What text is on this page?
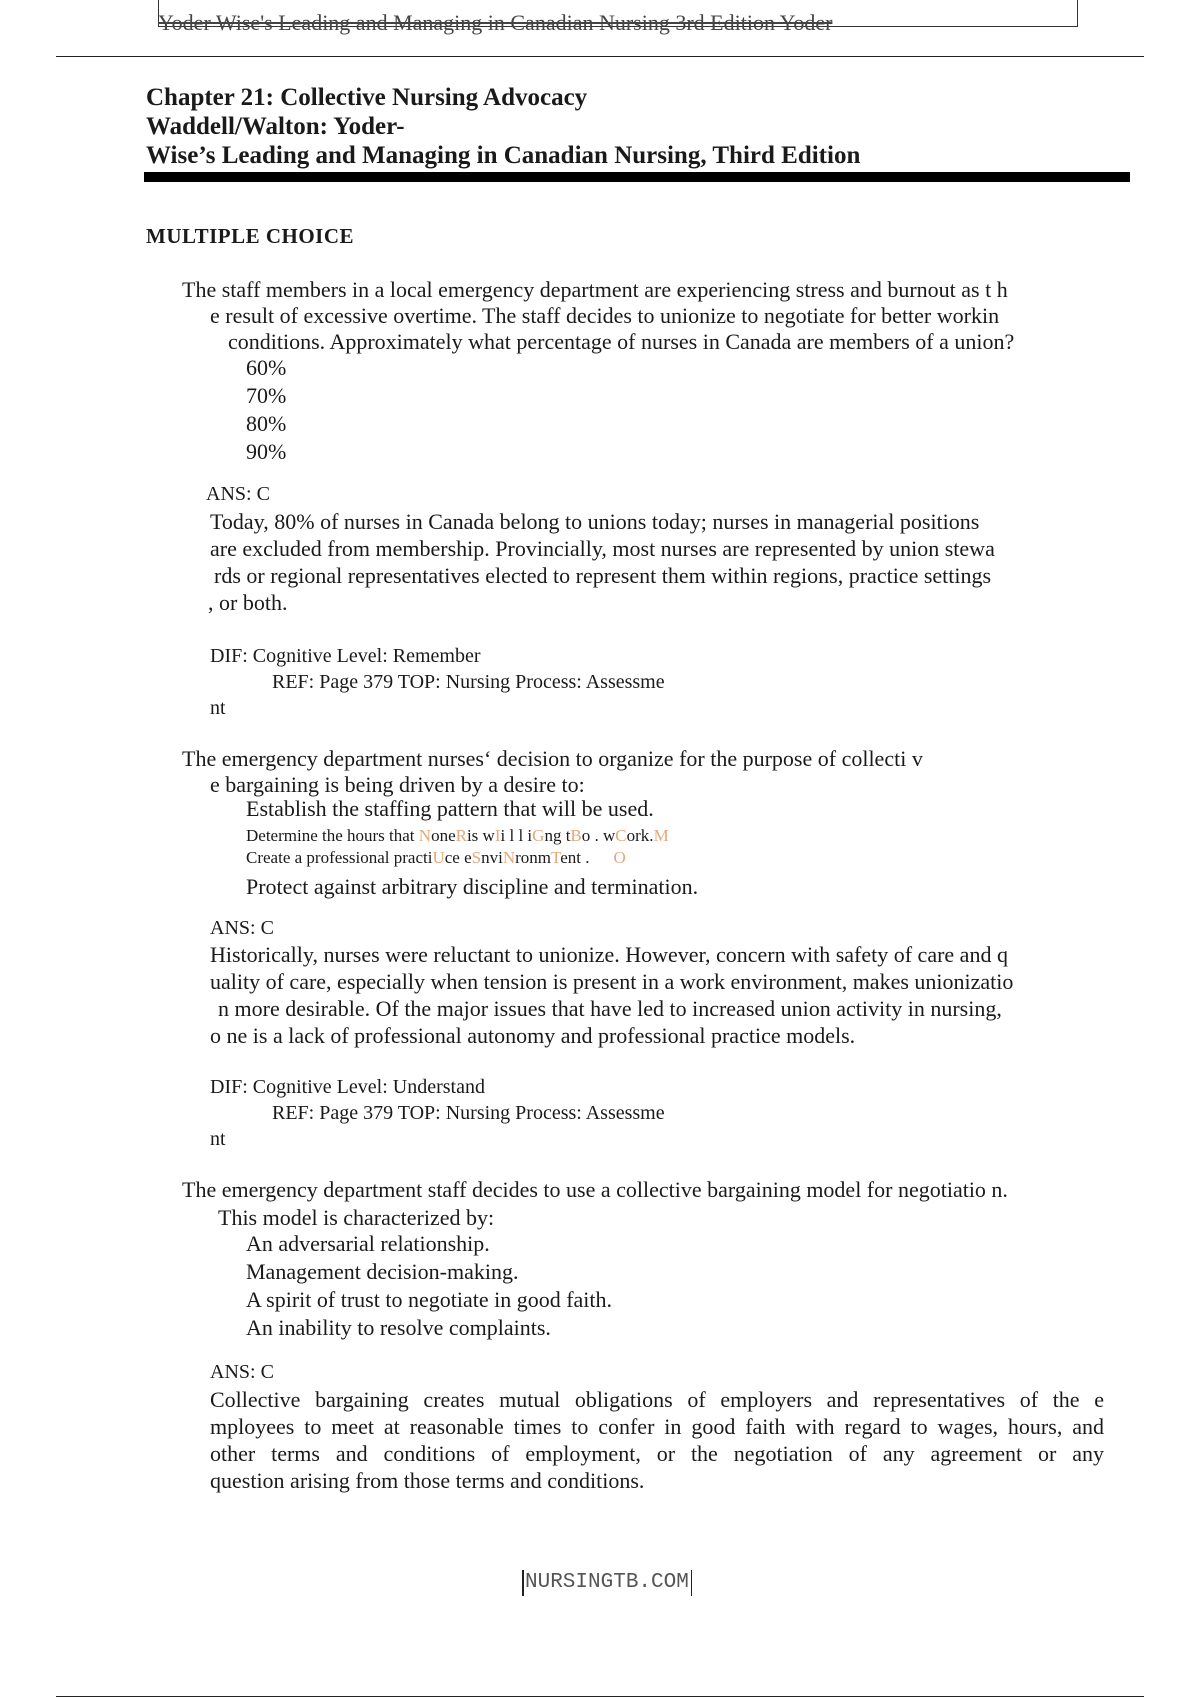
Yoder Wise's Leading and Managing in Canadian Nursing 3rd Edition Yoder
Chapter 21: Collective Nursing Advocacy
Waddell/Walton: Yoder-
Wise’s Leading and Managing in Canadian Nursing, Third Edition
MULTIPLE CHOICE
The staff members in a local emergency department are experiencing stress and burnout as t h
e result of excessive overtime. The staff decides to unionize to negotiate for better workin
conditions. Approximately what percentage of nurses in Canada are members of a union?
60%
70%
80%
90%
ANS: C
Today, 80% of nurses in Canada belong to unions today; nurses in managerial positions
are excluded from membership. Provincially, most nurses are represented by union stewa
rds or regional representatives elected to represent them within regions, practice settings
, or both.
DIF: Cognitive Level: Remember
REF: Page 379 TOP: Nursing Process: Assessme
nt
The emergency department nurses‘ decision to organize for the purpose of collecti v
e bargaining is being driven by a desire to:
Establish the staffing pattern that will be used.
Determine the hours that NoneRis wIi l l iGng tBo . wCork.M
Create a professional practiUce eSnviNronmTent . O
Protect against arbitrary discipline and termination.
ANS: C
Historically, nurses were reluctant to unionize. However, concern with safety of care and q
uality of care, especially when tension is present in a work environment, makes unionizatio
n more desirable. Of the major issues that have led to increased union activity in nursing,
o ne is a lack of professional autonomy and professional practice models.
DIF: Cognitive Level: Understand
REF: Page 379 TOP: Nursing Process: Assessme
nt
The emergency department staff decides to use a collective bargaining model for negotiatio n.
This model is characterized by:
An adversarial relationship.
Management decision-making.
A spirit of trust to negotiate in good faith.
An inability to resolve complaints.
ANS: C
Collective bargaining creates mutual obligations of employers and representatives of the e
mployees to meet at reasonable times to confer in good faith with regard to wages, hours, and
other terms and conditions of employment, or the negotiation of any agreement or any
question arising from those terms and conditions.
NURSINGTB.COM
